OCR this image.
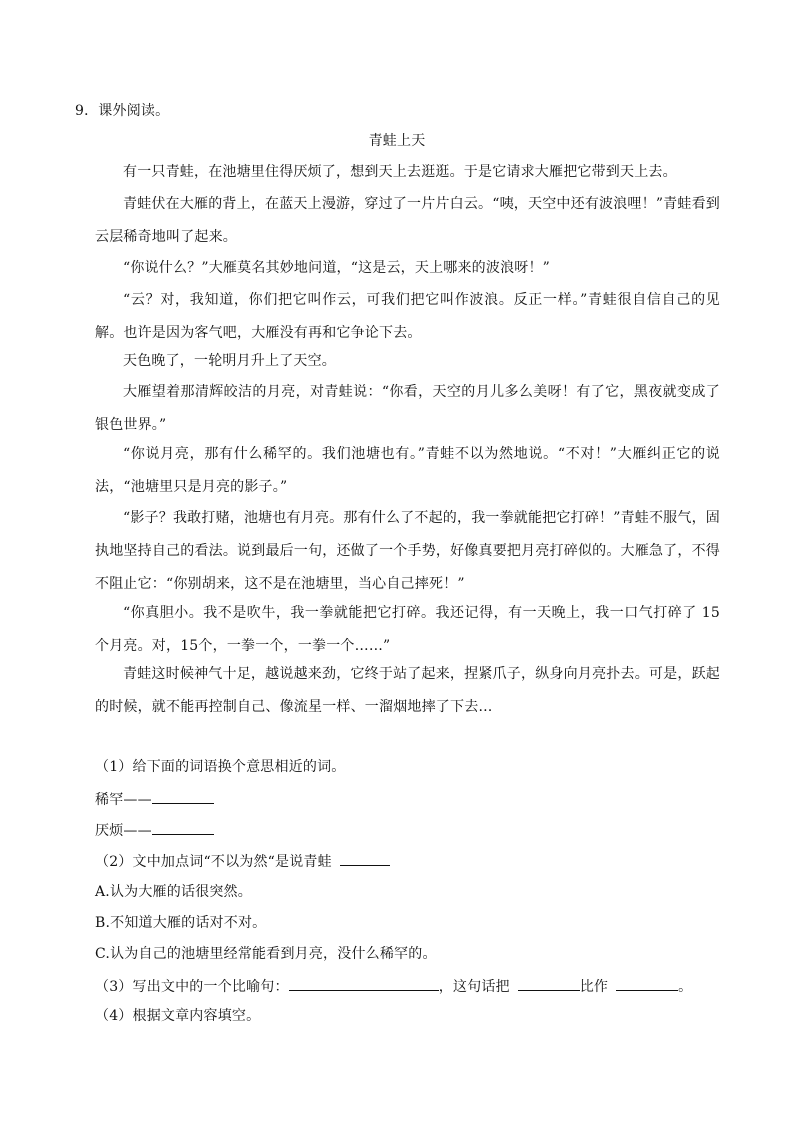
9．课外阅读。
青蛙上天
有一只青蛙，在池塘里住得厌烦了，想到天上去逛逛。于是它请求大雁把它带到天上去。
青蛙伏在大雁的背上，在蓝天上漫游，穿过了一片片白云。“咦，天空中还有波浪哩！”青蛙看到云层稀奇地叫了起来。
“你说什么？”大雁莫名其妙地问道，“这是云，天上哪来的波浪呀！”
“云？对，我知道，你们把它叫作云，可我们把它叫作波浪。反正一样。”青蛙很自信自己的见解。也许是因为客气吧，大雁没有再和它争论下去。
天色晚了，一轮明月升上了天空。
大雁望着那清辉皎洁的月亮，对青蛙说：“你看，天空的月儿多么美呀！有了它，黑夜就变成了银色世界。”
“你说月亮，那有什么稀罕的。我们池塘也有。”青蛙不以为然地说。“不对！”大雁纠正它的说法，“池塘里只是月亮的影子。”
“影子？我敢打赌，池塘也有月亮。那有什么了不起的，我一拳就能把它打碎！”青蛙不服气，固执地坚持自己的看法。说到最后一句，还做了一个手势，好像真要把月亮打碎似的。大雁急了，不得不阻止它：“你别胡来，这不是在池塘里，当心自己摔死！”
“你真胆小。我不是吹牛，我一拳就能把它打碎。我还记得，有一天晚上，我一口气打碎了 15个月亮。对，15个，一拳一个，一拳一个……”
青蛙这时候神气十足，越说越来劲，它终于站了起来，捏紧爪子，纵身向月亮扑去。可是，跃起的时候，就不能再控制自己、像流星一样、一溜烟地摔了下去…
（1）给下面的词语换个意思相近的词。
稀罕——
厌烦——
（2）文中加点词“不以为然“是说青蛙
A.认为大雁的话很突然。
B.不知道大雁的话对不对。
C.认为自己的池塘里经常能看到月亮，没什么稀罕的。
（3）写出文中的一个比喻句：	，这句话把	比作	。
（4）根据文章内容填空。
